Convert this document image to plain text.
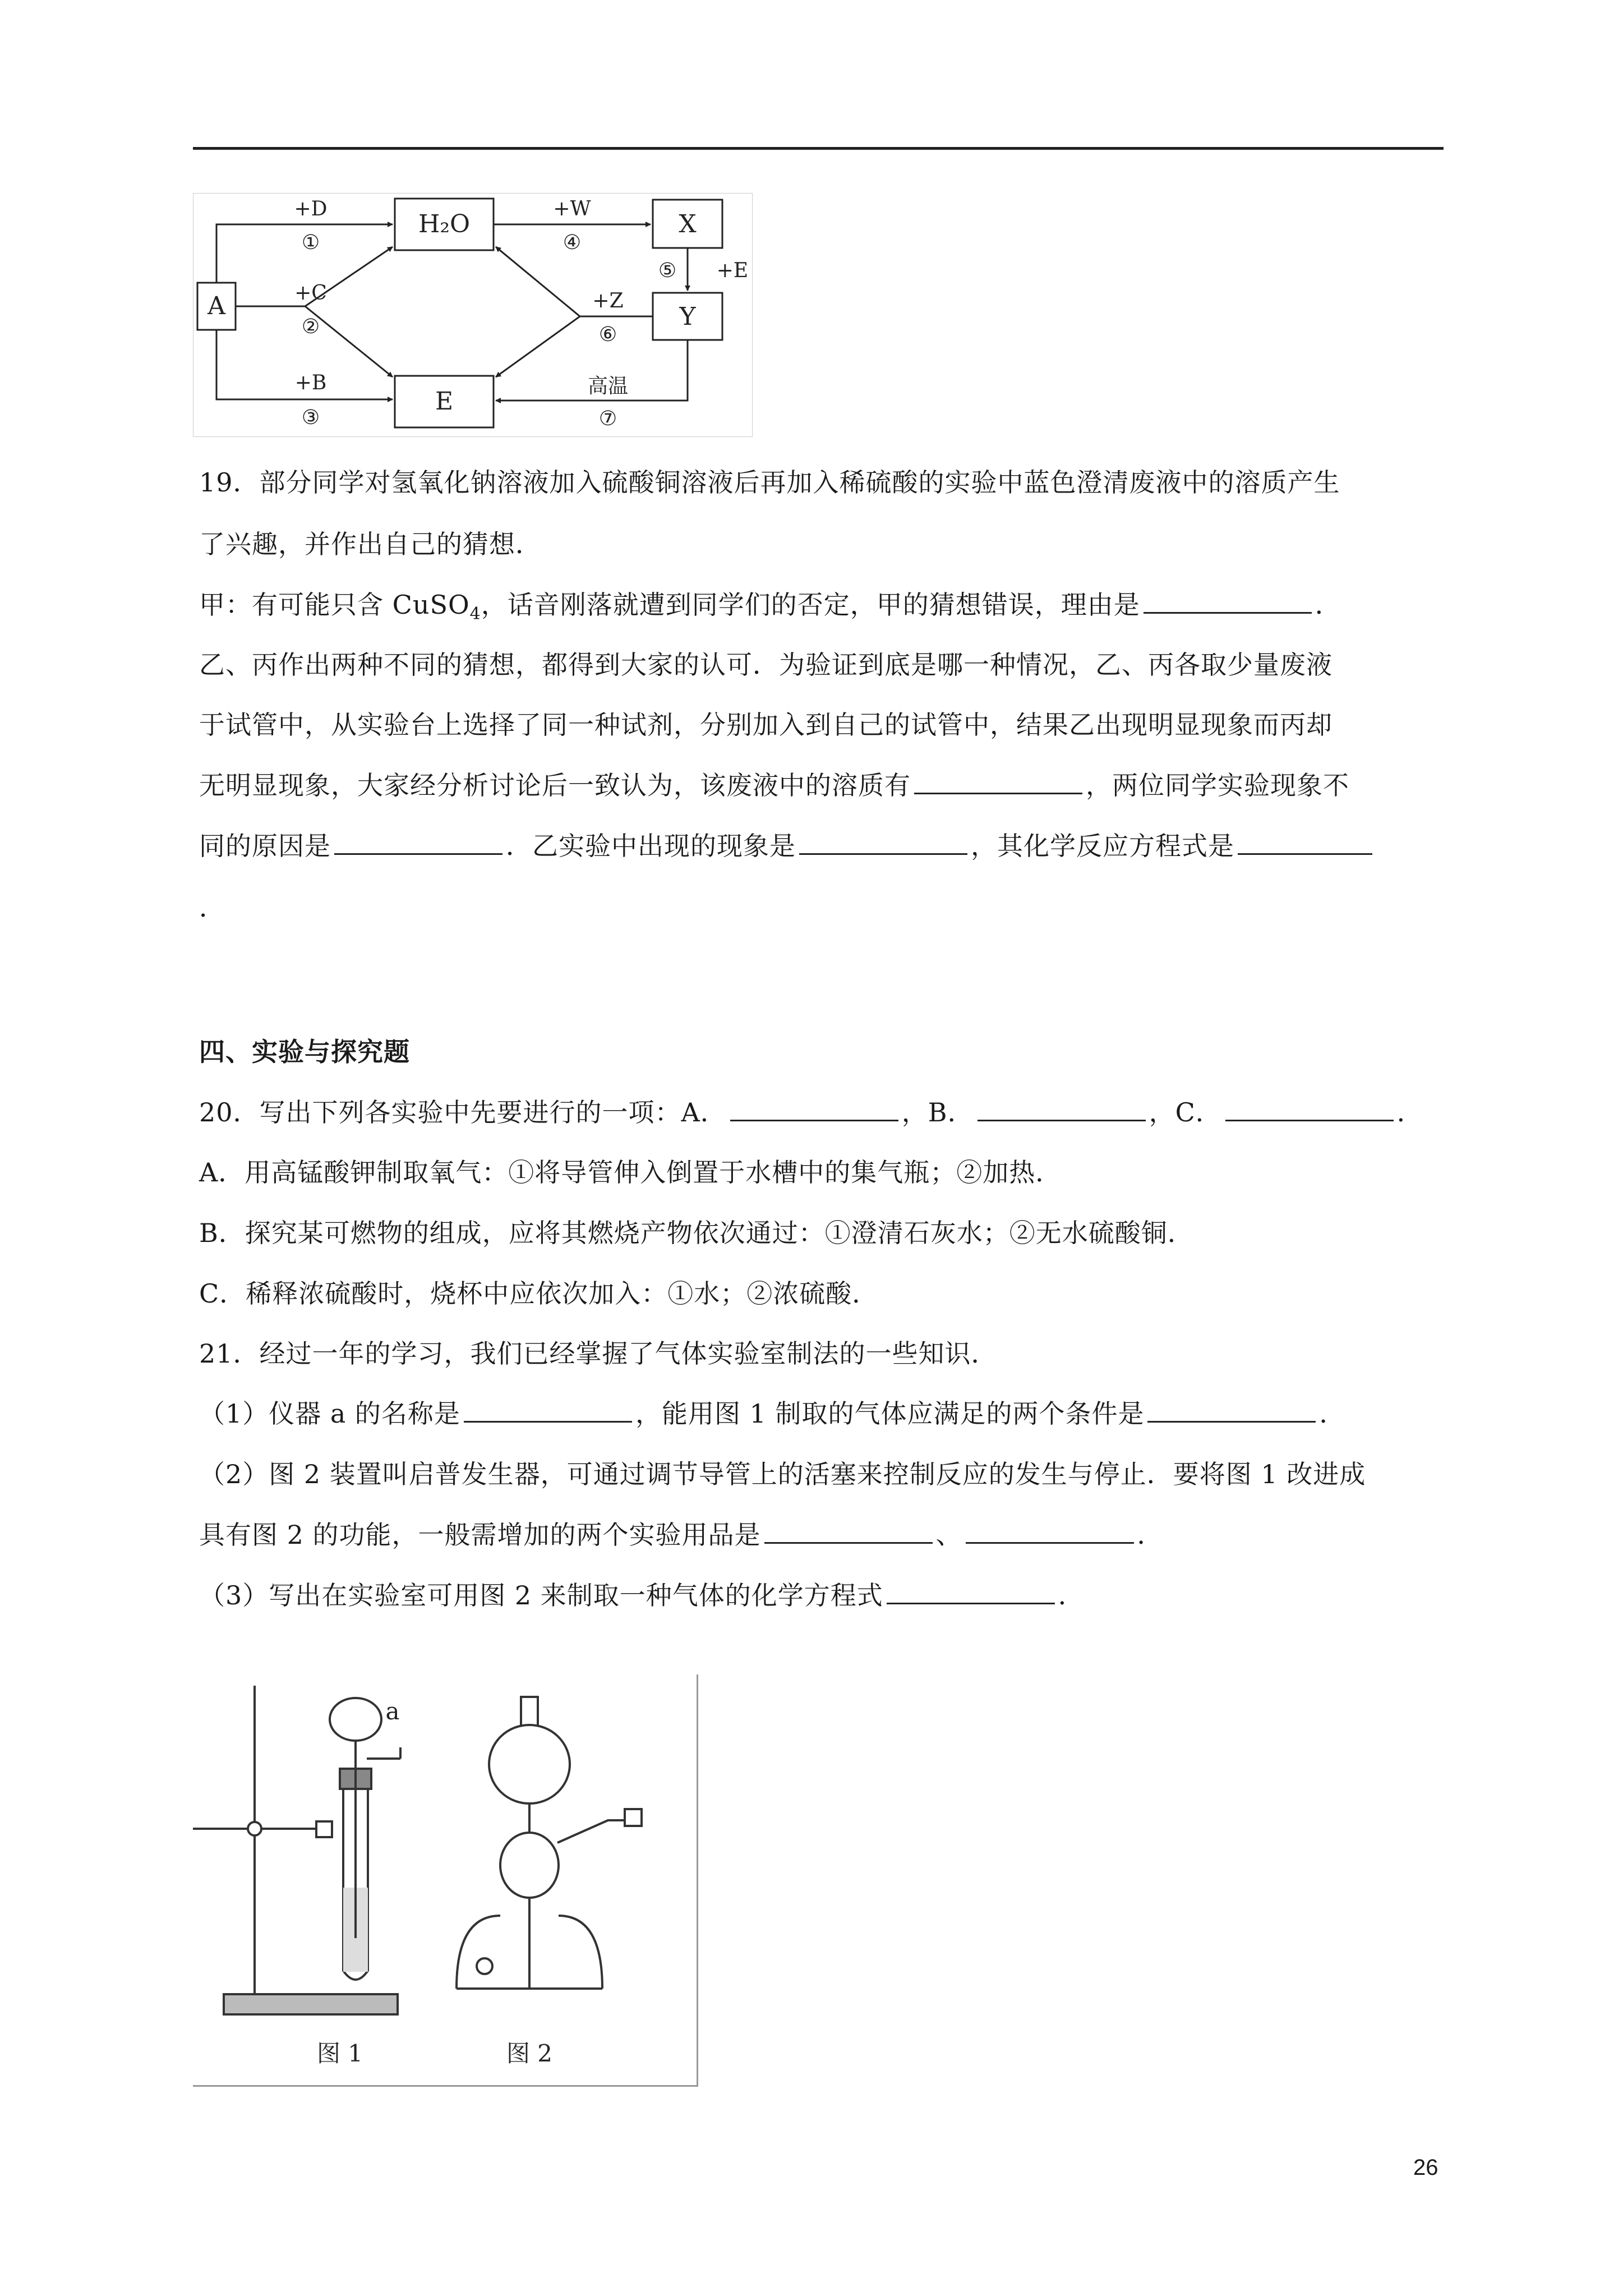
A
H₂O	X
Y
E
+D
①
+C
②
+B
③
+W
④
⑤ +E
+Z
⑥
高温
⑦
19．部分同学对氢氧化钠溶液加入硫酸铜溶液后再加入稀硫酸的实验中蓝色澄清废液中的溶质产生
了兴趣，并作出自己的猜想．
甲：有可能只含 CuSO$_4$，话音刚落就遭到同学们的否定，甲的猜想错误，理由是	．
乙、丙作出两种不同的猜想，都得到大家的认可．为验证到底是哪一种情况，乙、丙各取少量废液
于试管中，从实验台上选择了同一种试剂，分别加入到自己的试管中，结果乙出现明显现象而丙却
无明显现象，大家经分析讨论后一致认为，该废液中的溶质有	，两位同学实验现象不
同的原因是	．乙实验中出现的现象是	，其化学反应方程式是
．
四、实验与探究题
20．写出下列各实验中先要进行的一项：A．	，B．	，C．	．
A．用高锰酸钾制取氧气：①将导管伸入倒置于水槽中的集气瓶；②加热．
B．探究某可燃物的组成，应将其燃烧产物依次通过：①澄清石灰水；②无水硫酸铜．
C．稀释浓硫酸时，烧杯中应依次加入：①水；②浓硫酸．
21．经过一年的学习，我们已经掌握了气体实验室制法的一些知识．
（1）仪器 a 的名称是	，能用图 1 制取的气体应满足的两个条件是	．
（2）图 2 装置叫启普发生器，可通过调节导管上的活塞来控制反应的发生与停止．要将图 1 改进成
具有图 2 的功能，一般需增加的两个实验用品是	、	．
（3）写出在实验室可用图 2 来制取一种气体的化学方程式	．
a
图 1	图 2
26
